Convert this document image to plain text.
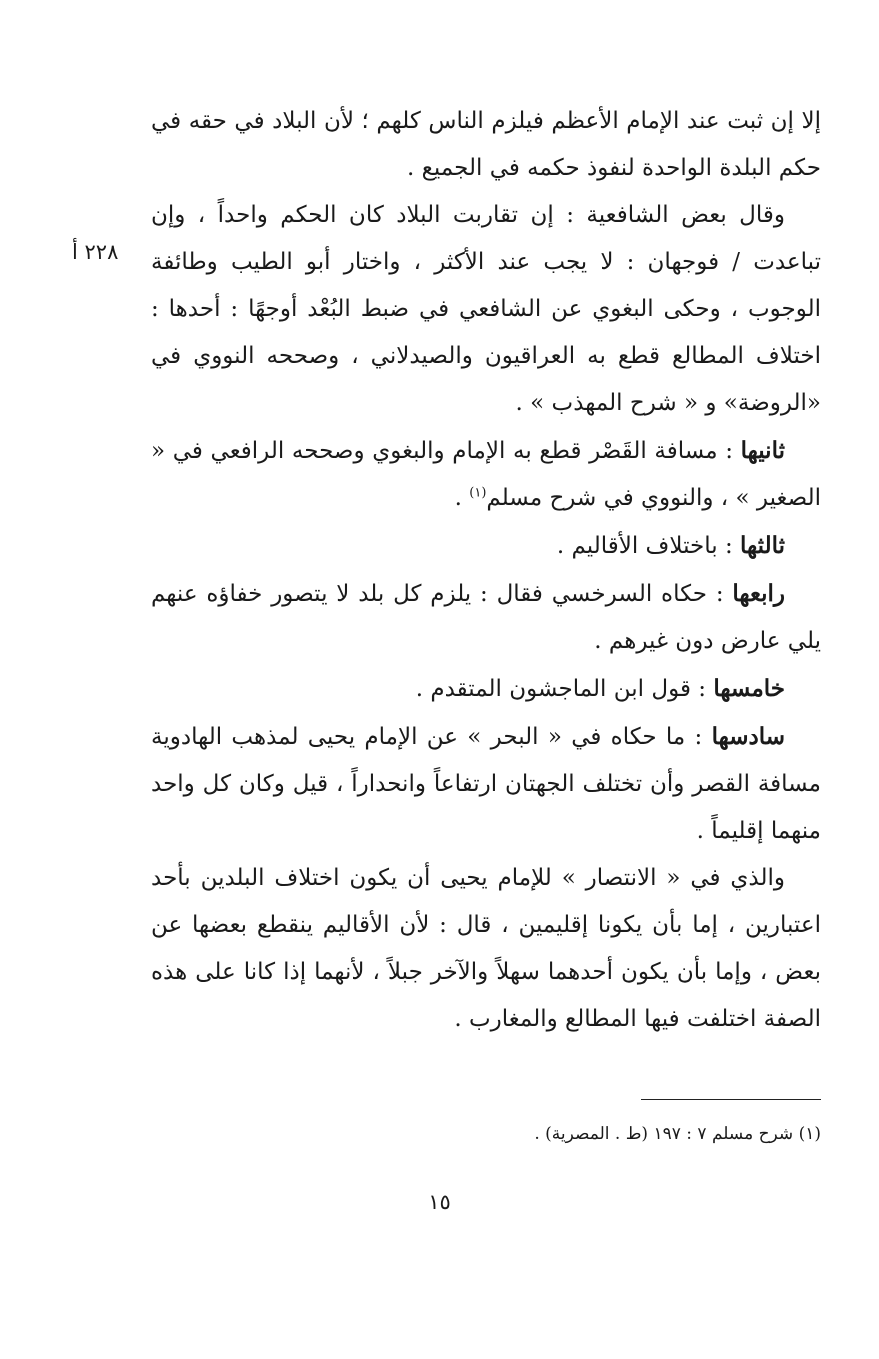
٢٢٨ أ

إلا إن ثبت عند الإمام الأعظم فيلزم الناس كلهم ؛ لأن البلاد في حقه في حكم البلدة الواحدة لنفوذ حكمه في الجميع .

وقال بعض الشافعية : إن تقاربت البلاد كان الحكم واحداً ، وإن تباعدت / فوجهان : لا يجب عند الأكثر ، واختار أبو الطيب وطائفة الوجوب ، وحكى البغوي عن الشافعي في ضبط البُعْد أوجهًا : أحدها : اختلاف المطالع قطع به العراقيون والصيدلاني ، وصححه النووي في «الروضة» و « شرح المهذب » .

ثانيها : مسافة القَصْر قطع به الإمام والبغوي وصححه الرافعي في « الصغير » ، والنووي في شرح مسلم$^{(١)}$ .

ثالثها : باختلاف الأقاليم .

رابعها : حكاه السرخسي فقال : يلزم كل بلد لا يتصور خفاؤه عنهم يلي عارض دون غيرهم .

خامسها : قول ابن الماجشون المتقدم .

سادسها : ما حكاه في « البحر » عن الإمام يحيى لمذهب الهادوية مسافة القصر وأن تختلف الجهتان ارتفاعاً وانحداراً ، قيل وكان كل واحد منهما إقليماً .

والذي في « الانتصار » للإمام يحيى أن يكون اختلاف البلدين بأحد اعتبارين ، إما بأن يكونا إقليمين ، قال : لأن الأقاليم ينقطع بعضها عن بعض ، وإما بأن يكون أحدهما سهلاً والآخر جبلاً ، لأنهما إذا كانا على هذه الصفة اختلفت فيها المطالع والمغارب .

(١) شرح مسلم ٧ : ١٩٧ (ط . المصرية) .
١٥
